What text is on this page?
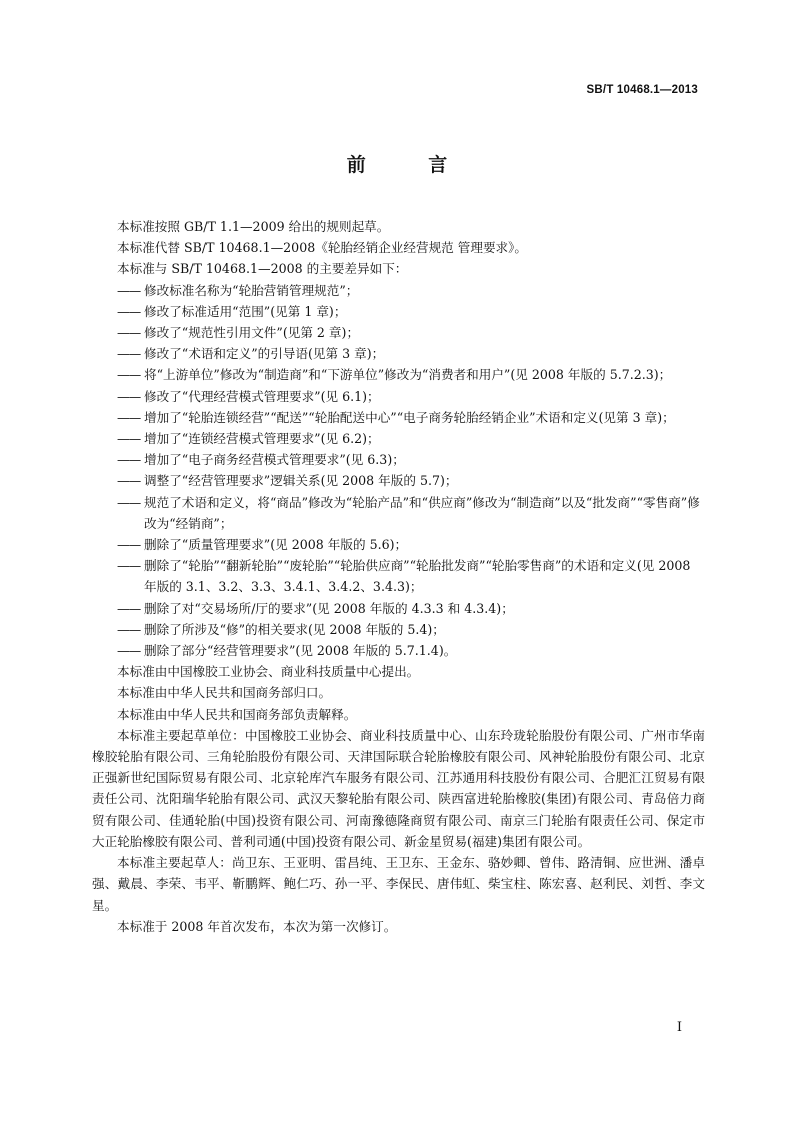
SB/T 10468.1—2013
前 言

本标准按照 GB/T 1.1—2009 给出的规则起草。

本标准代替 SB/T 10468.1—2008《轮胎经销企业经营规范 管理要求》。

本标准与 SB/T 10468.1—2008 的主要差异如下：

—— 修改标准名称为“轮胎营销管理规范”；

—— 修改了标准适用“范围”(见第 1 章)；

—— 修改了“规范性引用文件”(见第 2 章)；

—— 修改了“术语和定义”的引导语(见第 3 章)；

—— 将“上游单位”修改为“制造商”和“下游单位”修改为“消费者和用户”(见 2008 年版的 5.7.2.3)；

—— 修改了“代理经营模式管理要求”(见 6.1)；

—— 增加了“轮胎连锁经营”“配送”“轮胎配送中心”“电子商务轮胎经销企业”术语和定义(见第 3 章)；

—— 增加了“连锁经营模式管理要求”(见 6.2)；

—— 增加了“电子商务经营模式管理要求”(见 6.3)；

—— 调整了“经营管理要求”逻辑关系(见 2008 年版的 5.7)；

—— 规范了术语和定义，将“商品”修改为“轮胎产品”和“供应商”修改为“制造商”以及“批发商”“零售商”修改为“经销商”；

—— 删除了“质量管理要求”(见 2008 年版的 5.6)；

—— 删除了“轮胎”“翻新轮胎”“废轮胎”“轮胎供应商”“轮胎批发商”“轮胎零售商”的术语和定义(见 2008 年版的 3.1、3.2、3.3、3.4.1、3.4.2、3.4.3)；

—— 删除了对“交易场所/厅的要求”(见 2008 年版的 4.3.3 和 4.3.4)；

—— 删除了所涉及“修”的相关要求(见 2008 年版的 5.4)；

—— 删除了部分“经营管理要求”(见 2008 年版的 5.7.1.4)。

本标准由中国橡胶工业协会、商业科技质量中心提出。

本标准由中华人民共和国商务部归口。

本标准由中华人民共和国商务部负责解释。

本标准主要起草单位：中国橡胶工业协会、商业科技质量中心、山东玲珑轮胎股份有限公司、广州市华南橡胶轮胎有限公司、三角轮胎股份有限公司、天津国际联合轮胎橡胶有限公司、风神轮胎股份有限公司、北京正强新世纪国际贸易有限公司、北京轮库汽车服务有限公司、江苏通用科技股份有限公司、合肥汇江贸易有限责任公司、沈阳瑞华轮胎有限公司、武汉天黎轮胎有限公司、陕西富进轮胎橡胶(集团)有限公司、青岛倍力商贸有限公司、佳通轮胎(中国)投资有限公司、河南豫德隆商贸有限公司、南京三门轮胎有限责任公司、保定市大正轮胎橡胶有限公司、普利司通(中国)投资有限公司、新金星贸易(福建)集团有限公司。

本标准主要起草人：尚卫东、王亚明、雷昌纯、王卫东、王金东、骆妙卿、曾伟、路清铜、应世洲、潘卓强、戴晨、李荣、韦平、靳鹏辉、鲍仁巧、孙一平、李保民、唐伟虹、柴宝柱、陈宏喜、赵利民、刘哲、李文星。

本标准于 2008 年首次发布，本次为第一次修订。

I
